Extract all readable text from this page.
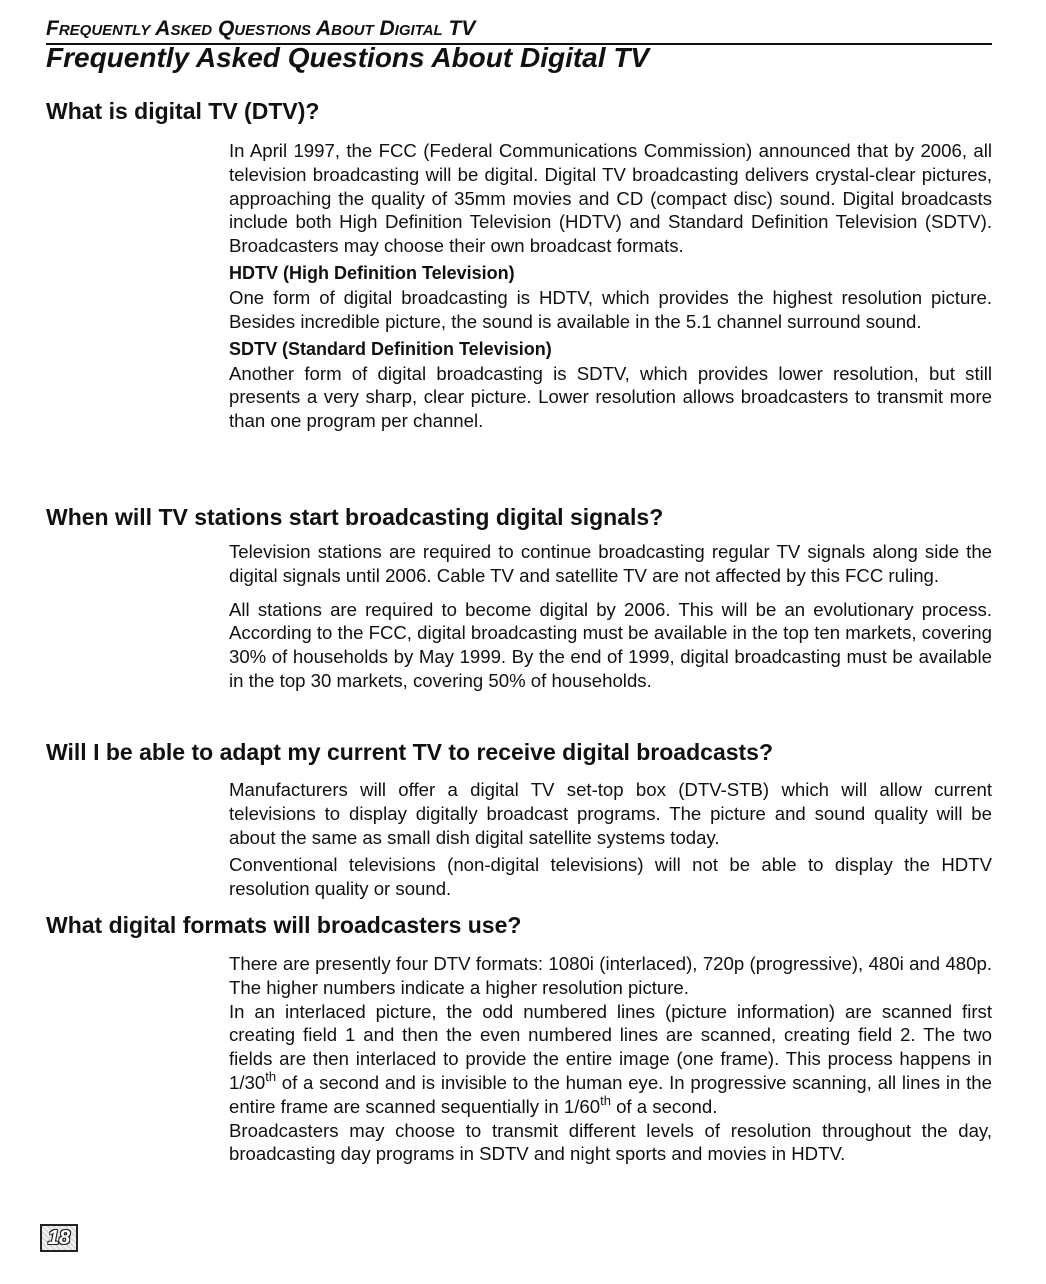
Frequently Asked Questions About Digital TV
Frequently Asked Questions About Digital TV
What is digital TV (DTV)?

In April 1997, the FCC (Federal Communications Commission) announced that by 2006, all television broadcasting will be digital. Digital TV broadcasting delivers crystal-clear pictures, approaching the quality of 35mm movies and CD (compact disc) sound. Digital broadcasts include both High Definition Television (HDTV) and Standard Definition Television (SDTV). Broadcasters may choose their own broadcast formats.

HDTV (High Definition Television)

One form of digital broadcasting is HDTV, which provides the highest resolution picture. Besides incredible picture, the sound is available in the 5.1 channel surround sound.

SDTV (Standard Definition Television)

Another form of digital broadcasting is SDTV, which provides lower resolution, but still presents a very sharp, clear picture. Lower resolution allows broadcasters to transmit more than one program per channel.

When will TV stations start broadcasting digital signals?

Television stations are required to continue broadcasting regular TV signals along side the digital signals until 2006. Cable TV and satellite TV are not affected by this FCC ruling.

All stations are required to become digital by 2006. This will be an evolutionary process. According to the FCC, digital broadcasting must be available in the top ten markets, covering 30% of households by May 1999. By the end of 1999, digital broadcasting must be available in the top 30 markets, covering 50% of households.

Will I be able to adapt my current TV to receive digital broadcasts?

Manufacturers will offer a digital TV set-top box (DTV-STB) which will allow current televisions to display digitally broadcast programs. The picture and sound quality will be about the same as small dish digital satellite systems today.

Conventional televisions (non-digital televisions) will not be able to display the HDTV resolution quality or sound.

What digital formats will broadcasters use?

There are presently four DTV formats: 1080i (interlaced), 720p (progressive), 480i and 480p. The higher numbers indicate a higher resolution picture.

In an interlaced picture, the odd numbered lines (picture information) are scanned first creating field 1 and then the even numbered lines are scanned, creating field 2. The two fields are then interlaced to provide the entire image (one frame). This process happens in 1/30th of a second and is invisible to the human eye. In progressive scanning, all lines in the entire frame are scanned sequentially in 1/60th of a second.

Broadcasters may choose to transmit different levels of resolution throughout the day, broadcasting day programs in SDTV and night sports and movies in HDTV.

18
